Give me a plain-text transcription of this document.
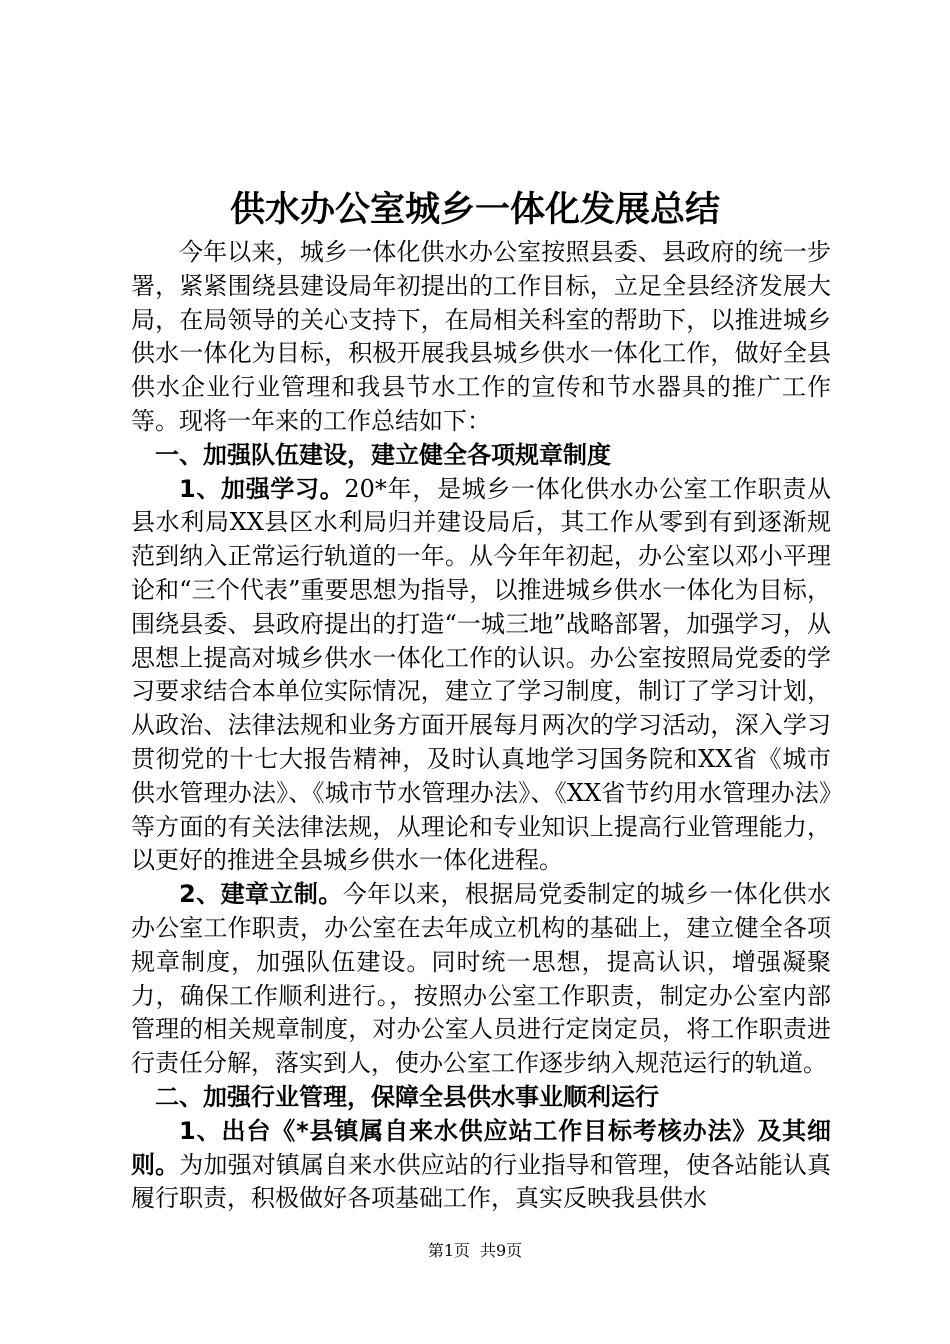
供水办公室城乡一体化发展总结

今年以来，城乡一体化供水办公室按照县委、县政府的统一步署，紧紧围绕县建设局年初提出的工作目标，立足全县经济发展大局，在局领导的关心支持下，在局相关科室的帮助下，以推进城乡供水一体化为目标，积极开展我县城乡供水一体化工作，做好全县供水企业行业管理和我县节水工作的宣传和节水器具的推广工作等。现将一年来的工作总结如下：

一、加强队伍建设，建立健全各项规章制度

1、加强学习。20*年，是城乡一体化供水办公室工作职责从县水利局XX县区水利局归并建设局后，其工作从零到有到逐渐规范到纳入正常运行轨道的一年。从今年年初起，办公室以邓小平理论和“三个代表”重要思想为指导，以推进城乡供水一体化为目标，围绕县委、县政府提出的打造“一城三地”战略部署，加强学习，从思想上提高对城乡供水一体化工作的认识。办公室按照局党委的学习要求结合本单位实际情况，建立了学习制度，制订了学习计划，从政治、法律法规和业务方面开展每月两次的学习活动，深入学习贯彻党的十七大报告精神，及时认真地学习国务院和XX省《城市供水管理办法》、《城市节水管理办法》、《XX省节约用水管理办法》等方面的有关法律法规，从理论和专业知识上提高行业管理能力，以更好的推进全县城乡供水一体化进程。

2、建章立制。今年以来，根据局党委制定的城乡一体化供水办公室工作职责，办公室在去年成立机构的基础上，建立健全各项规章制度，加强队伍建设。同时统一思想，提高认识，增强凝聚力，确保工作顺利进行。，按照办公室工作职责，制定办公室内部管理的相关规章制度，对办公室人员进行定岗定员，将工作职责进行责任分解，落实到人，使办公室工作逐步纳入规范运行的轨道。

二、加强行业管理，保障全县供水事业顺利运行

1、出台《*县镇属自来水供应站工作目标考核办法》及其细则。为加强对镇属自来水供应站的行业指导和管理，使各站能认真履行职责，积极做好各项基础工作，真实反映我县供水

第1页 共9页
